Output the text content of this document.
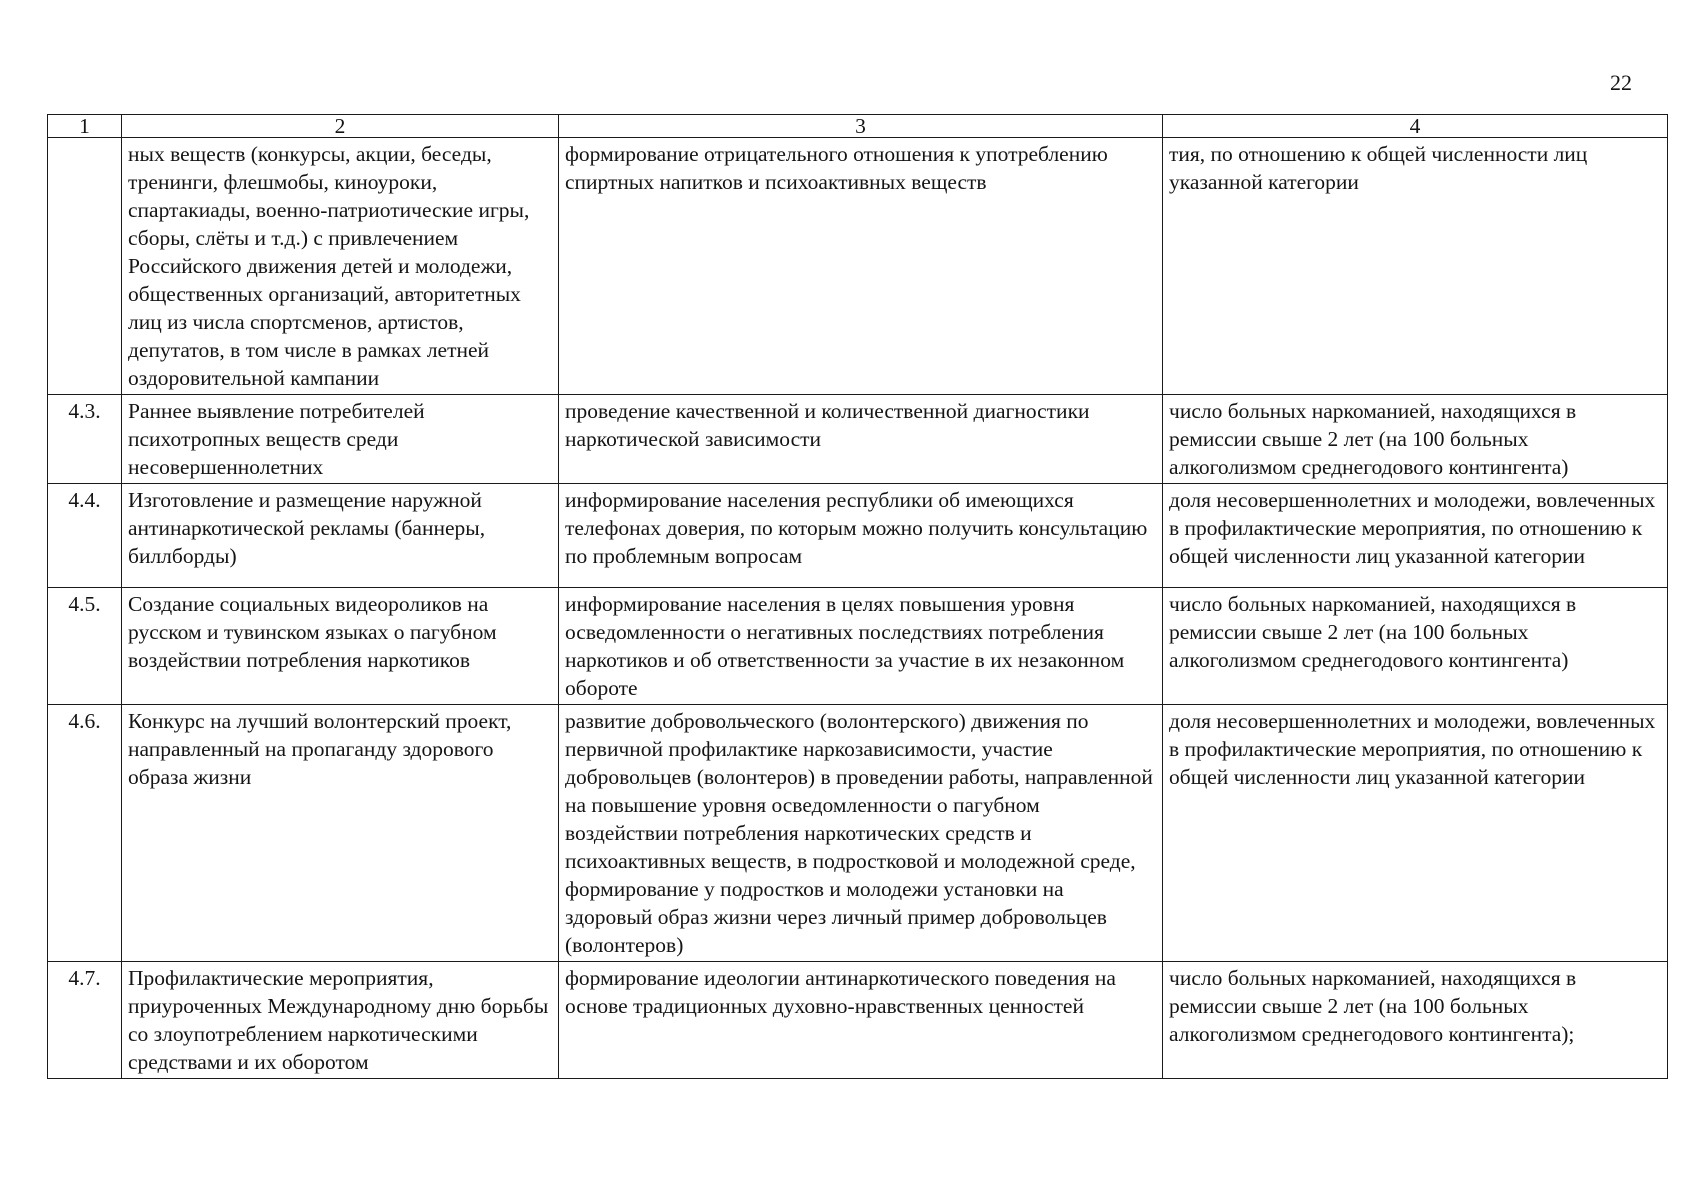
22
1	2	3	4
	ных веществ (конкурсы, акции, беседы, тренинги, флешмобы, киноуроки, спартакиады, военно-патриотические игры, сборы, слёты и т.д.) с привлечением Российского движения детей и молодежи, общественных организаций, авторитетных лиц из числа спортсменов, артистов, депутатов, в том числе в рамках летней оздоровительной кампании	формирование отрицательного отношения к употреблению спиртных напитков и психоактивных веществ	тия, по отношению к общей численности лиц указанной категории
4.3.	Раннее выявление потребителей психотропных веществ среди несовершеннолетних	проведение качественной и количественной диагностики наркотической зависимости	число больных наркоманией, находящихся в ремиссии свыше 2 лет (на 100 больных алкоголизмом среднегодового контингента)
4.4.	Изготовление и размещение наружной антинаркотической рекламы (баннеры, биллборды)	информирование населения республики об имеющихся телефонах доверия, по которым можно получить консультацию по проблемным вопросам	доля несовершеннолетних и молодежи, вовлеченных в профилактические мероприятия, по отношению к общей численности лиц указанной категории
4.5.	Создание социальных видеороликов на русском и тувинском языках о пагубном воздействии потребления наркотиков	информирование населения в целях повышения уровня осведомленности о негативных последствиях потребления наркотиков и об ответственности за участие в их незаконном обороте	число больных наркоманией, находящихся в ремиссии свыше 2 лет (на 100 больных алкоголизмом среднегодового контингента)
4.6.	Конкурс на лучший волонтерский проект, направленный на пропаганду здорового образа жизни	развитие добровольческого (волонтерского) движения по первичной профилактике наркозависимости, участие добровольцев (волонтеров) в проведении работы, направленной на повышение уровня осведомленности о пагубном воздействии потребления наркотических средств и психоактивных веществ, в подростковой и молодежной среде, формирование у подростков и молодежи установки на здоровый образ жизни через личный пример добровольцев (волонтеров)	доля несовершеннолетних и молодежи, вовлеченных в профилактические мероприятия, по отношению к общей численности лиц указанной категории
4.7.	Профилактические мероприятия, приуроченных Международному дню борьбы со злоупотреблением наркотическими средствами и их оборотом	формирование идеологии антинаркотического поведения на основе традиционных духовно-нравственных ценностей	число больных наркоманией, находящихся в ремиссии свыше 2 лет (на 100 больных алкоголизмом среднегодового контингента);
